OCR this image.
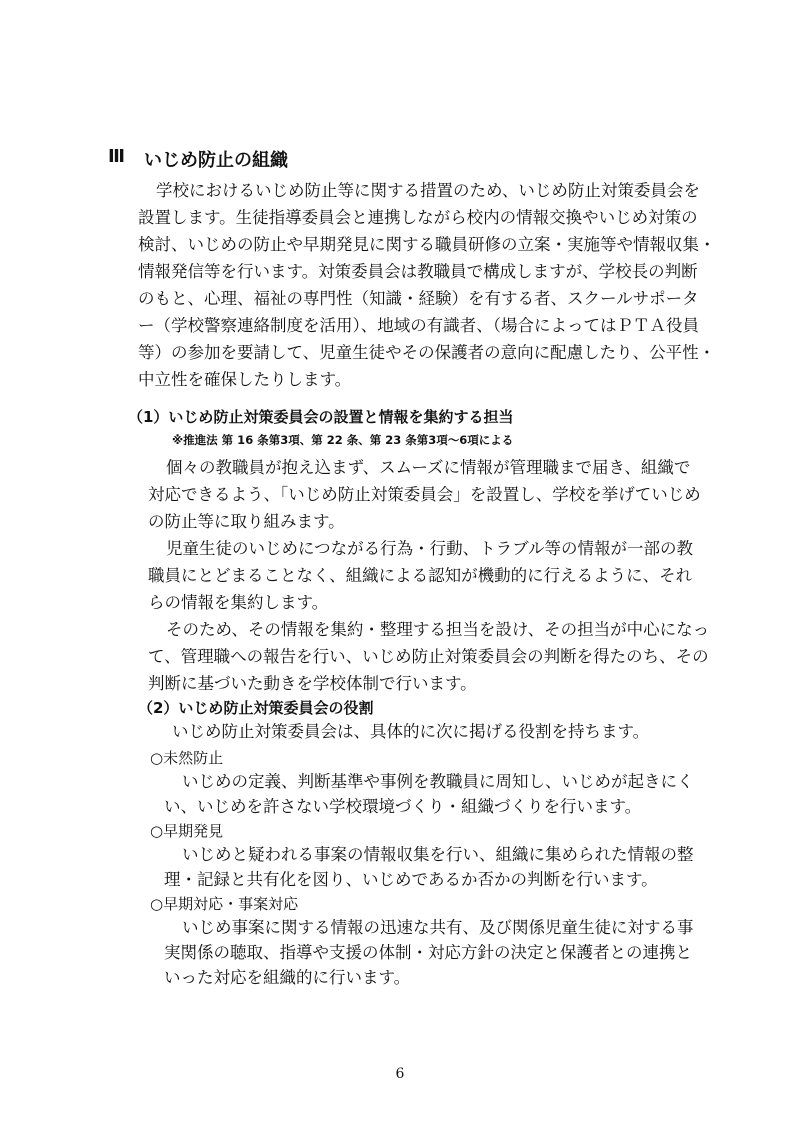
Ⅲ いじめ防止の組織
学校におけるいじめ防止等に関する措置のため、いじめ防止対策委員会を
設置します。生徒指導委員会と連携しながら校内の情報交換やいじめ対策の
検討、いじめの防止や早期発見に関する職員研修の立案・実施等や情報収集・
情報発信等を行います。対策委員会は教職員で構成しますが、学校長の判断
のもと、心理、福祉の専門性（知識・経験）を有する者、スクールサポータ
ー（学校警察連絡制度を活用）、地域の有識者、（場合によってはＰＴＡ役員
等）の参加を要請して、児童生徒やその保護者の意向に配慮したり、公平性・
中立性を確保したりします。
（1）いじめ防止対策委員会の設置と情報を集約する担当
※推進法 第 16 条第3項、第 22 条、第 23 条第3項～6項による
個々の教職員が抱え込まず、スムーズに情報が管理職まで届き、組織で
対応できるよう、「いじめ防止対策委員会」を設置し、学校を挙げていじめ
の防止等に取り組みます。
児童生徒のいじめにつながる行為・行動、トラブル等の情報が一部の教
職員にとどまることなく、組織による認知が機動的に行えるように、それ
らの情報を集約します。
そのため、その情報を集約・整理する担当を設け、その担当が中心になっ
て、管理職への報告を行い、いじめ防止対策委員会の判断を得たのち、その
判断に基づいた動きを学校体制で行います。
（2）いじめ防止対策委員会の役割
いじめ防止対策委員会は、具体的に次に掲げる役割を持ちます。
○未然防止
いじめの定義、判断基準や事例を教職員に周知し、いじめが起きにく
い、いじめを許さない学校環境づくり・組織づくりを行います。
○早期発見
いじめと疑われる事案の情報収集を行い、組織に集められた情報の整
理・記録と共有化を図り、いじめであるか否かの判断を行います。
○早期対応・事案対応
いじめ事案に関する情報の迅速な共有、及び関係児童生徒に対する事
実関係の聴取、指導や支援の体制・対応方針の決定と保護者との連携と
いった対応を組織的に行います。
6
